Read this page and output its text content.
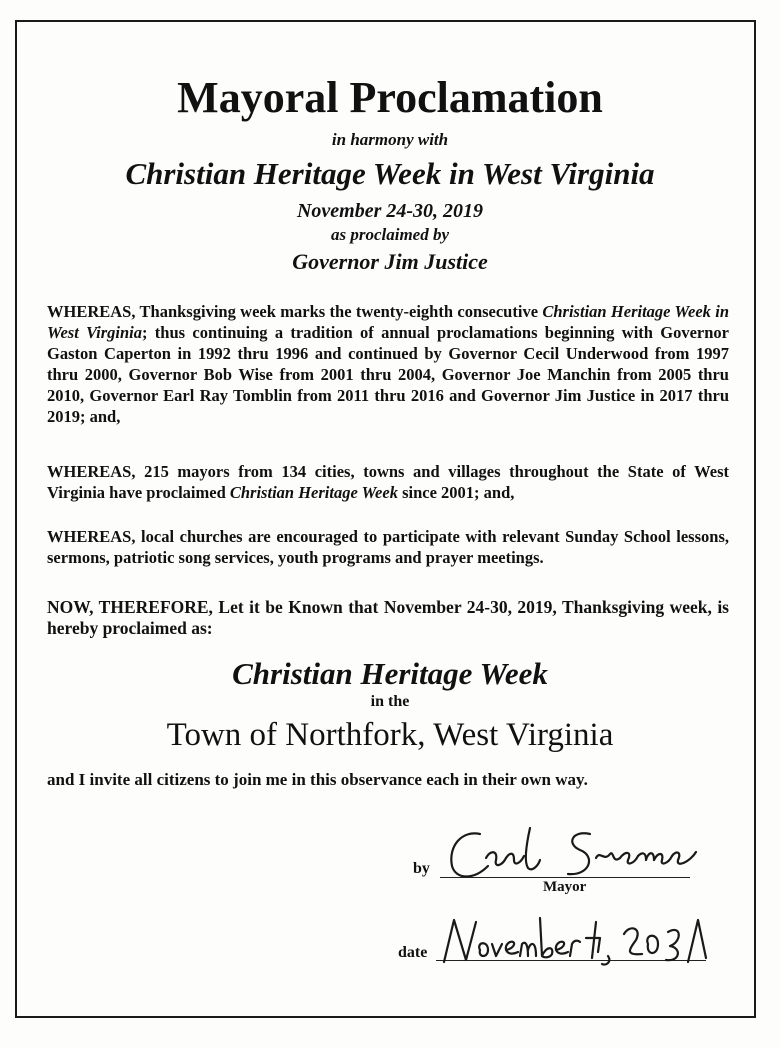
Mayoral Proclamation
in harmony with
Christian Heritage Week in West Virginia
November 24-30, 2019
as proclaimed by
Governor Jim Justice
WHEREAS, Thanksgiving week marks the twenty-eighth consecutive Christian Heritage Week in West Virginia; thus continuing a tradition of annual proclamations beginning with Governor Gaston Caperton in 1992 thru 1996 and continued by Governor Cecil Underwood from 1997 thru 2000, Governor Bob Wise from 2001 thru 2004, Governor Joe Manchin from 2005 thru 2010, Governor Earl Ray Tomblin from 2011 thru 2016 and Governor Jim Justice in 2017 thru 2019; and,
WHEREAS, 215 mayors from 134 cities, towns and villages throughout the State of West Virginia have proclaimed Christian Heritage Week since 2001; and,
WHEREAS, local churches are encouraged to participate with relevant Sunday School lessons, sermons, patriotic song services, youth programs and prayer meetings.
NOW, THEREFORE, Let it be Known that November 24-30, 2019, Thanksgiving week, is hereby proclaimed as:
Christian Heritage Week
in the
Town of Northfork, West Virginia
and I invite all citizens to join me in this observance each in their own way.
by
Mayor
date
